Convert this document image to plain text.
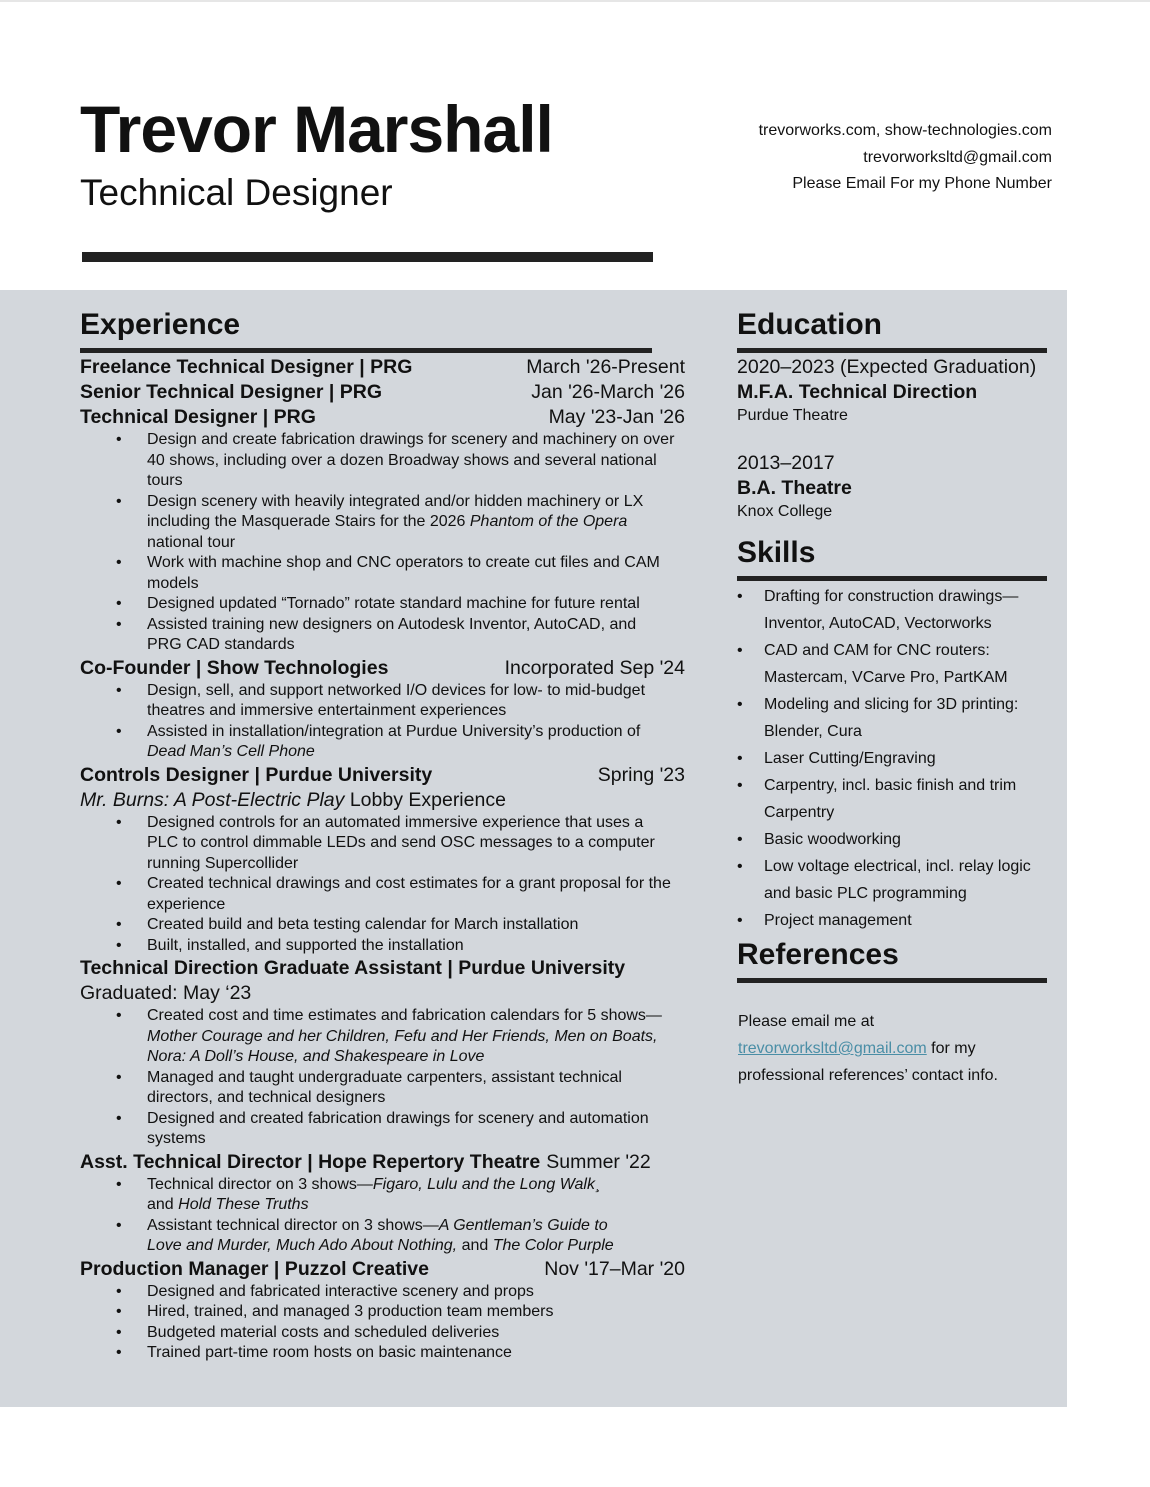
Trevor Marshall
Technical Designer
trevorworks.com, show-technologies.com
trevorworksltd@gmail.com
Please Email For my Phone Number
Experience
Freelance Technical Designer | PRG	March '26-Present
Senior Technical Designer | PRG	Jan '26-March '26
Technical Designer | PRG	May '23-Jan '26
• Design and create fabrication drawings for scenery and machinery on over 40 shows, including over a dozen Broadway shows and several national tours
• Design scenery with heavily integrated and/or hidden machinery or LX including the Masquerade Stairs for the 2026 Phantom of the Opera national tour
• Work with machine shop and CNC operators to create cut files and CAM models
• Designed updated “Tornado” rotate standard machine for future rental
• Assisted training new designers on Autodesk Inventor, AutoCAD, and PRG CAD standards
Co-Founder | Show Technologies	Incorporated Sep '24
• Design, sell, and support networked I/O devices for low- to mid-budget theatres and immersive entertainment experiences
• Assisted in installation/integration at Purdue University’s production of Dead Man’s Cell Phone
Controls Designer | Purdue University	Spring '23
Mr. Burns: A Post-Electric Play Lobby Experience
• Designed controls for an automated immersive experience that uses a PLC to control dimmable LEDs and send OSC messages to a computer running Supercollider
• Created technical drawings and cost estimates for a grant proposal for the experience
• Created build and beta testing calendar for March installation
• Built, installed, and supported the installation
Technical Direction Graduate Assistant | Purdue University
Graduated: May ‘23
• Created cost and time estimates and fabrication calendars for 5 shows—Mother Courage and her Children, Fefu and Her Friends, Men on Boats, Nora: A Doll’s House, and Shakespeare in Love
• Managed and taught undergraduate carpenters, assistant technical directors, and technical designers
• Designed and created fabrication drawings for scenery and automation systems
Asst. Technical Director | Hope Repertory Theatre Summer '22
• Technical director on 3 shows—Figaro, Lulu and the Long Walk¸ and Hold These Truths
• Assistant technical director on 3 shows—A Gentleman’s Guide to Love and Murder, Much Ado About Nothing, and The Color Purple
Production Manager | Puzzol Creative	Nov '17–Mar '20
• Designed and fabricated interactive scenery and props
• Hired, trained, and managed 3 production team members
• Budgeted material costs and scheduled deliveries
• Trained part-time room hosts on basic maintenance
Education
2020–2023 (Expected Graduation)
M.F.A. Technical Direction
Purdue Theatre
2013–2017
B.A. Theatre
Knox College
Skills
• Drafting for construction drawings—Inventor, AutoCAD, Vectorworks
• CAD and CAM for CNC routers: Mastercam, VCarve Pro, PartKAM
• Modeling and slicing for 3D printing: Blender, Cura
• Laser Cutting/Engraving
• Carpentry, incl. basic finish and trim Carpentry
• Basic woodworking
• Low voltage electrical, incl. relay logic and basic PLC programming
• Project management
References
Please email me at trevorworksltd@gmail.com for my professional references’ contact info.
